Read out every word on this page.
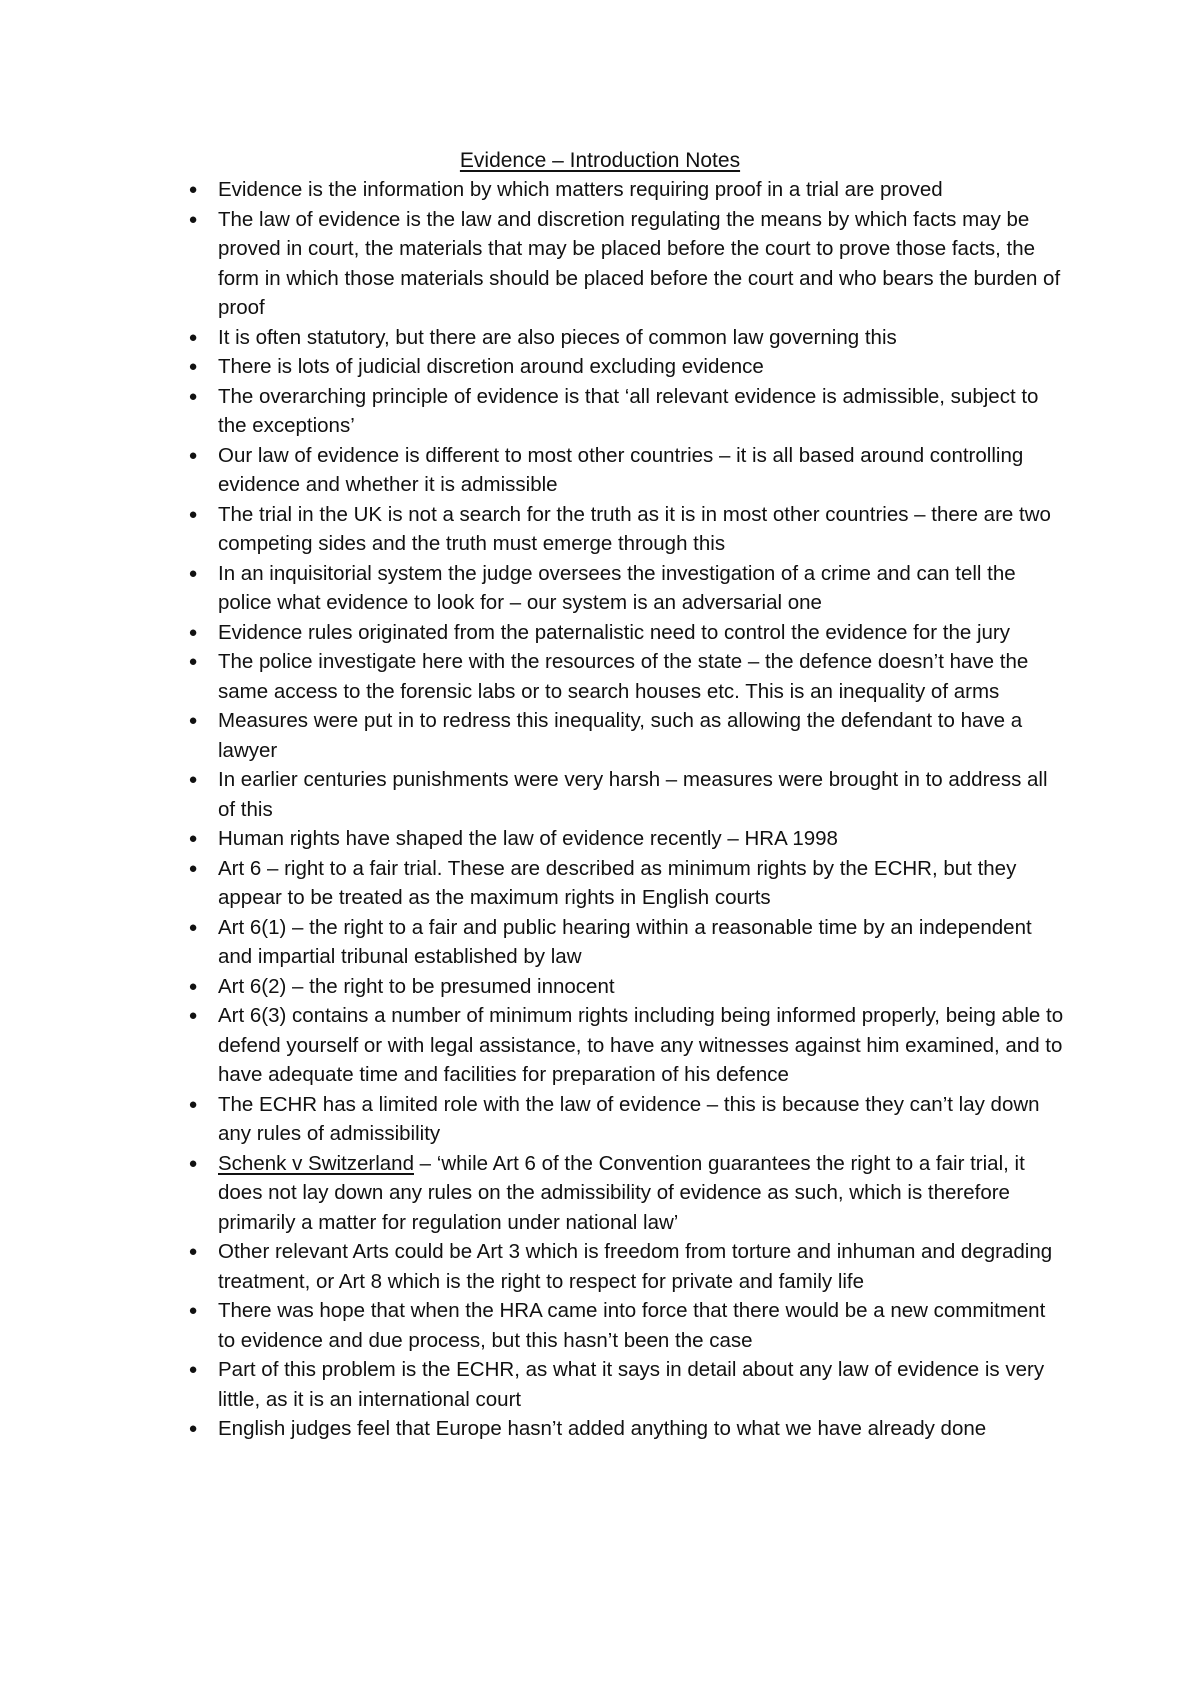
Evidence – Introduction Notes
● Evidence is the information by which matters requiring proof in a trial are proved
● The law of evidence is the law and discretion regulating the means by which facts may be proved in court, the materials that may be placed before the court to prove those facts, the form in which those materials should be placed before the court and who bears the burden of proof
● It is often statutory, but there are also pieces of common law governing this
● There is lots of judicial discretion around excluding evidence
● The overarching principle of evidence is that ‘all relevant evidence is admissible, subject to the exceptions’
● Our law of evidence is different to most other countries – it is all based around controlling evidence and whether it is admissible
● The trial in the UK is not a search for the truth as it is in most other countries – there are two competing sides and the truth must emerge through this
● In an inquisitorial system the judge oversees the investigation of a crime and can tell the police what evidence to look for – our system is an adversarial one
● Evidence rules originated from the paternalistic need to control the evidence for the jury
● The police investigate here with the resources of the state – the defence doesn’t have the same access to the forensic labs or to search houses etc. This is an inequality of arms
● Measures were put in to redress this inequality, such as allowing the defendant to have a lawyer
● In earlier centuries punishments were very harsh – measures were brought in to address all of this
● Human rights have shaped the law of evidence recently – HRA 1998
● Art 6 – right to a fair trial. These are described as minimum rights by the ECHR, but they appear to be treated as the maximum rights in English courts
● Art 6(1) – the right to a fair and public hearing within a reasonable time by an independent and impartial tribunal established by law
● Art 6(2) – the right to be presumed innocent
● Art 6(3) contains a number of minimum rights including being informed properly, being able to defend yourself or with legal assistance, to have any witnesses against him examined, and to have adequate time and facilities for preparation of his defence
● The ECHR has a limited role with the law of evidence – this is because they can’t lay down any rules of admissibility
● Schenk v Switzerland – ‘while Art 6 of the Convention guarantees the right to a fair trial, it does not lay down any rules on the admissibility of evidence as such, which is therefore primarily a matter for regulation under national law’
● Other relevant Arts could be Art 3 which is freedom from torture and inhuman and degrading treatment, or Art 8 which is the right to respect for private and family life
● There was hope that when the HRA came into force that there would be a new commitment to evidence and due process, but this hasn’t been the case
● Part of this problem is the ECHR, as what it says in detail about any law of evidence is very little, as it is an international court
● English judges feel that Europe hasn’t added anything to what we have already done
